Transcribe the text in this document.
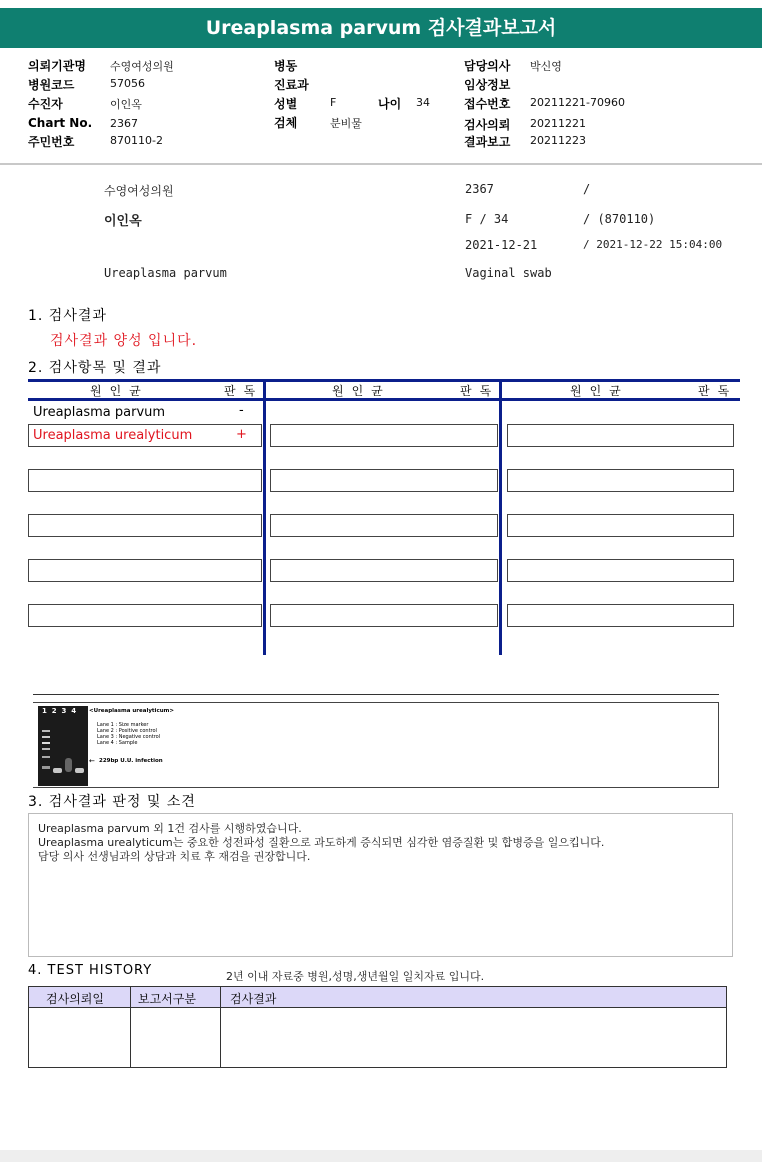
Ureaplasma parvum 검사결과보고서
의뢰기관명 수영여성의원
병원코드	57056
수진자	이인옥
Chart No. 2367
주민번호	870110-2
병동
진료과
성별	F	나이 34
검체	분비물
담당의사 박신영
임상정보
접수번호 20211221-70960
검사의뢰 20211221
결과보고 20211223
수영여성의원	2367	/
이인옥	F / 34	/ (870110)
2021-12-21	/ 2021-12-22 15:04:00
Ureaplasma parvum	Vaginal swab
1. 검사결과
검사결과 양성 입니다.
2. 검사항목 및 결과
원인균	판독	원인균	판독	원인균	판독
Ureaplasma parvum	-
Ureaplasma urealyticum	+
1  2  3  4 <Ureaplasma urealyticum>
Lane 1 : Size marker
Lane 2 : Positive control
Lane 3 : Negative control
Lane 4 : Sample
← 229bp U.U. infection
3. 검사결과 판정 및 소견
Ureaplasma parvum 외 1건 검사를 시행하였습니다.
Ureaplasma urealyticum는 중요한 성전파성 질환으로 과도하게 증식되면 심각한 염증질환 및 합병증을 일으킵니다.
담당 의사 선생님과의 상담과 치료 후 재검을 권장합니다.
4. TEST HISTORY	2년 이내 자료중 병원,성명,생년월일 일치자료 입니다.
검사의뢰일	보고서구분	검사결과
